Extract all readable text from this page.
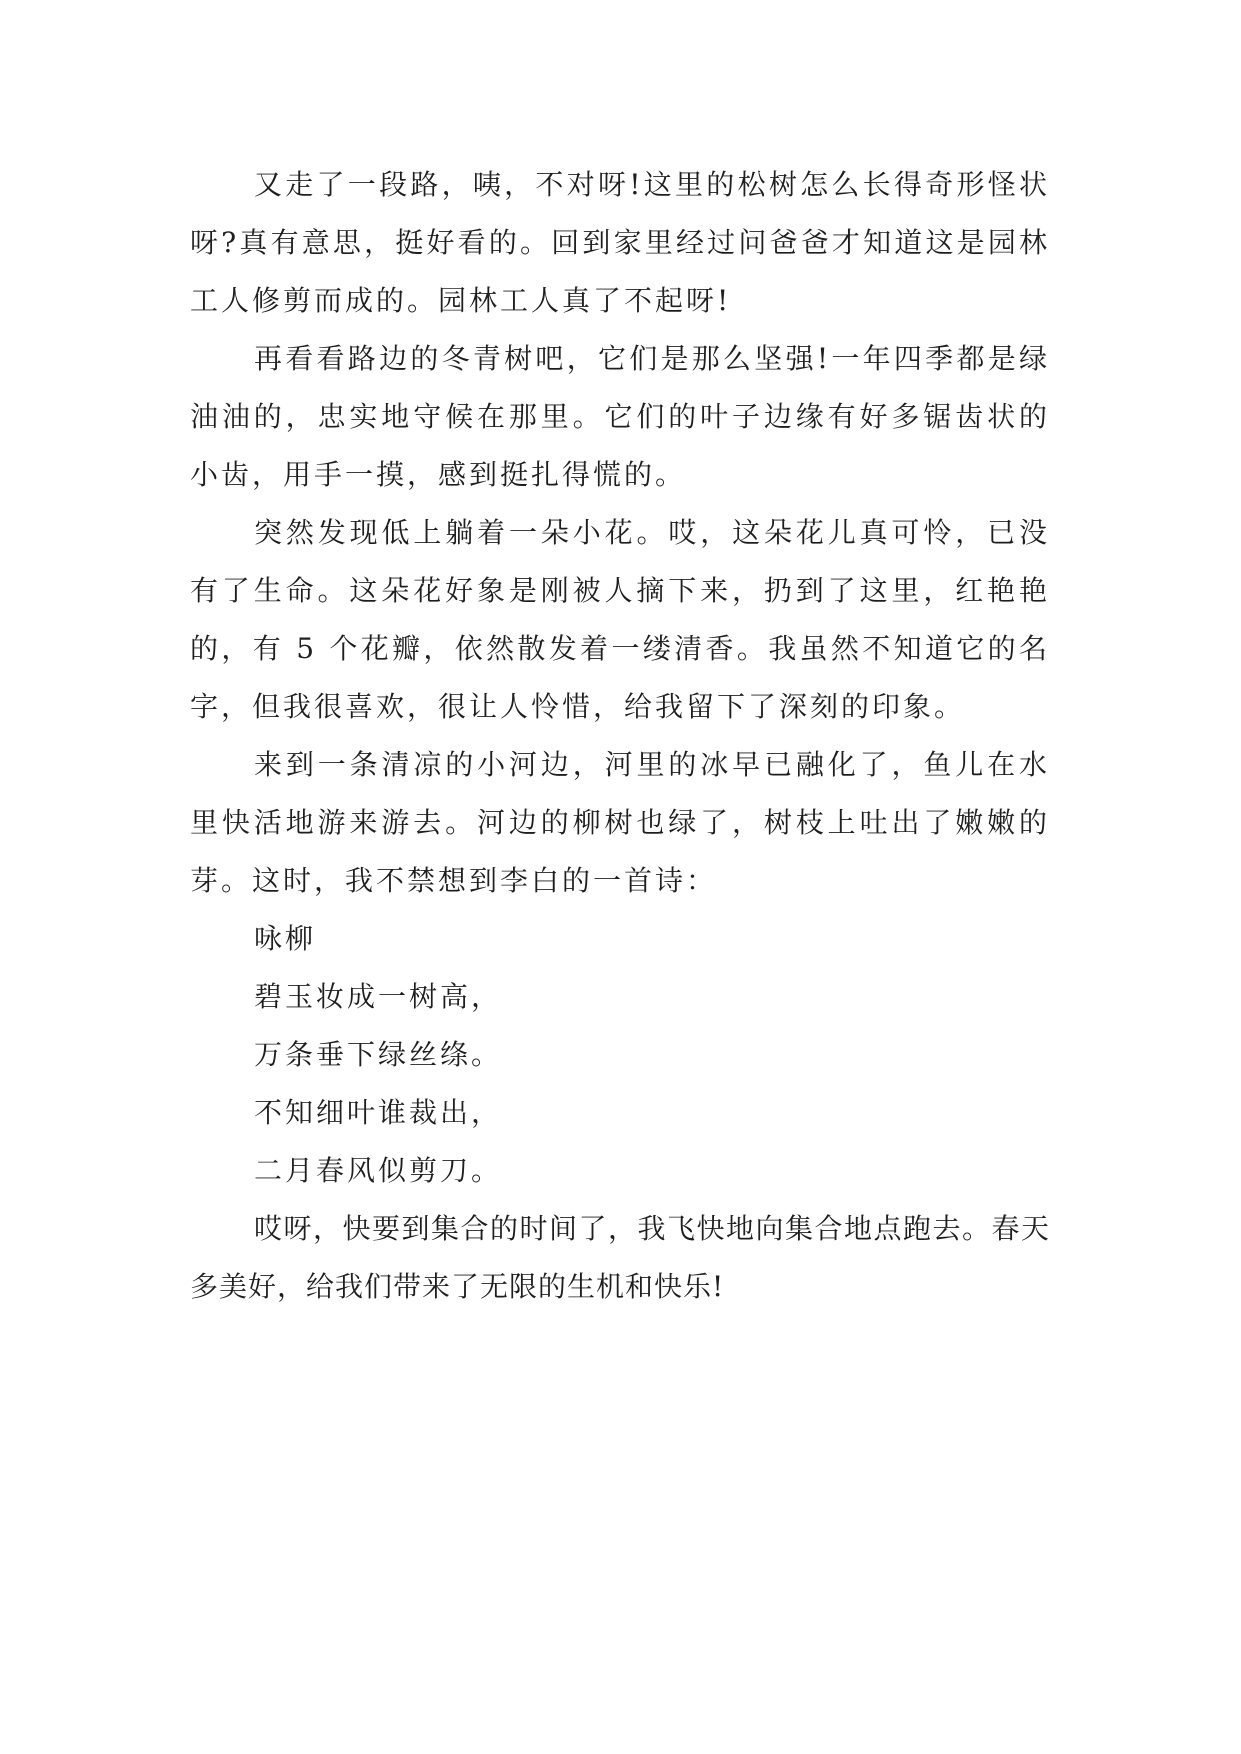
又走了一段路，咦，不对呀!这里的松树怎么长得奇形怪状呀?真有意思，挺好看的。回到家里经过问爸爸才知道这是园林工人修剪而成的。园林工人真了不起呀!

再看看路边的冬青树吧，它们是那么坚强!一年四季都是绿油油的，忠实地守候在那里。它们的叶子边缘有好多锯齿状的小齿，用手一摸，感到挺扎得慌的。

突然发现低上躺着一朵小花。哎，这朵花儿真可怜，已没有了生命。这朵花好象是刚被人摘下来，扔到了这里，红艳艳的，有 5 个花瓣，依然散发着一缕清香。我虽然不知道它的名字，但我很喜欢，很让人怜惜，给我留下了深刻的印象。

来到一条清凉的小河边，河里的冰早已融化了，鱼儿在水里快活地游来游去。河边的柳树也绿了，树枝上吐出了嫩嫩的芽。这时，我不禁想到李白的一首诗：

咏柳

碧玉妆成一树高，

万条垂下绿丝绦。

不知细叶谁裁出，

二月春风似剪刀。

哎呀，快要到集合的时间了，我飞快地向集合地点跑去。春天多美好，给我们带来了无限的生机和快乐!
